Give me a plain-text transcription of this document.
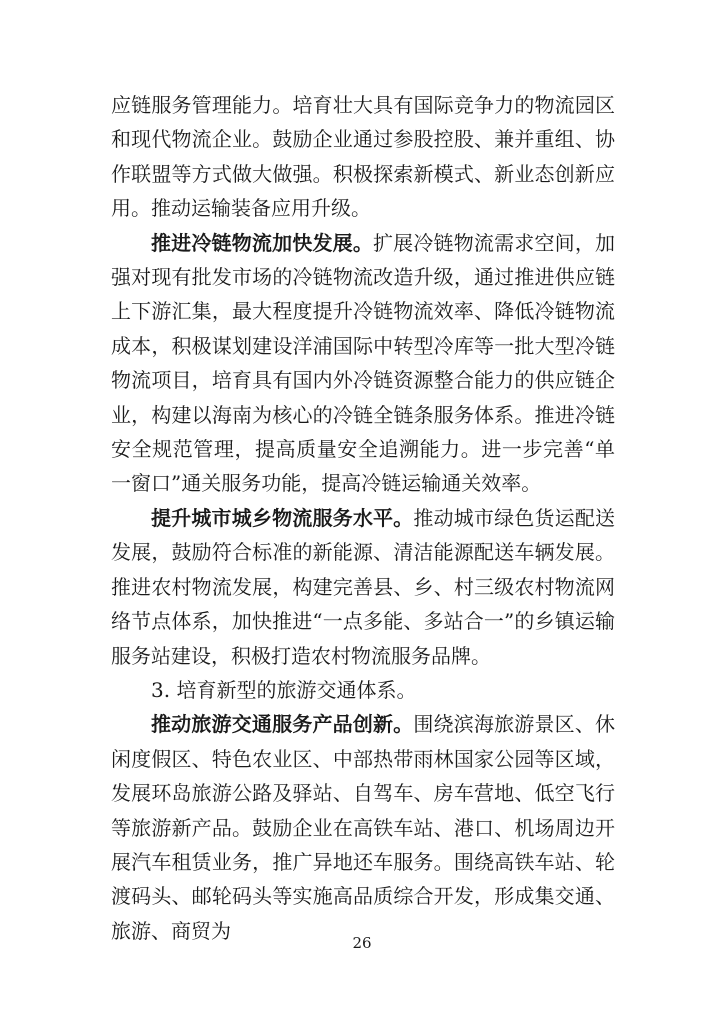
应链服务管理能力。培育壮大具有国际竞争力的物流园区和现代物流企业。鼓励企业通过参股控股、兼并重组、协作联盟等方式做大做强。积极探索新模式、新业态创新应用。推动运输装备应用升级。

推进冷链物流加快发展。扩展冷链物流需求空间，加强对现有批发市场的冷链物流改造升级，通过推进供应链上下游汇集，最大程度提升冷链物流效率、降低冷链物流成本，积极谋划建设洋浦国际中转型冷库等一批大型冷链物流项目，培育具有国内外冷链资源整合能力的供应链企业，构建以海南为核心的冷链全链条服务体系。推进冷链安全规范管理，提高质量安全追溯能力。进一步完善“单一窗口”通关服务功能，提高冷链运输通关效率。

提升城市城乡物流服务水平。推动城市绿色货运配送发展，鼓励符合标准的新能源、清洁能源配送车辆发展。推进农村物流发展，构建完善县、乡、村三级农村物流网络节点体系，加快推进“一点多能、多站合一”的乡镇运输服务站建设，积极打造农村物流服务品牌。

3. 培育新型的旅游交通体系。

推动旅游交通服务产品创新。围绕滨海旅游景区、休闲度假区、特色农业区、中部热带雨林国家公园等区域，发展环岛旅游公路及驿站、自驾车、房车营地、低空飞行等旅游新产品。鼓励企业在高铁车站、港口、机场周边开展汽车租赁业务，推广异地还车服务。围绕高铁车站、轮渡码头、邮轮码头等实施高品质综合开发，形成集交通、旅游、商贸为

26
